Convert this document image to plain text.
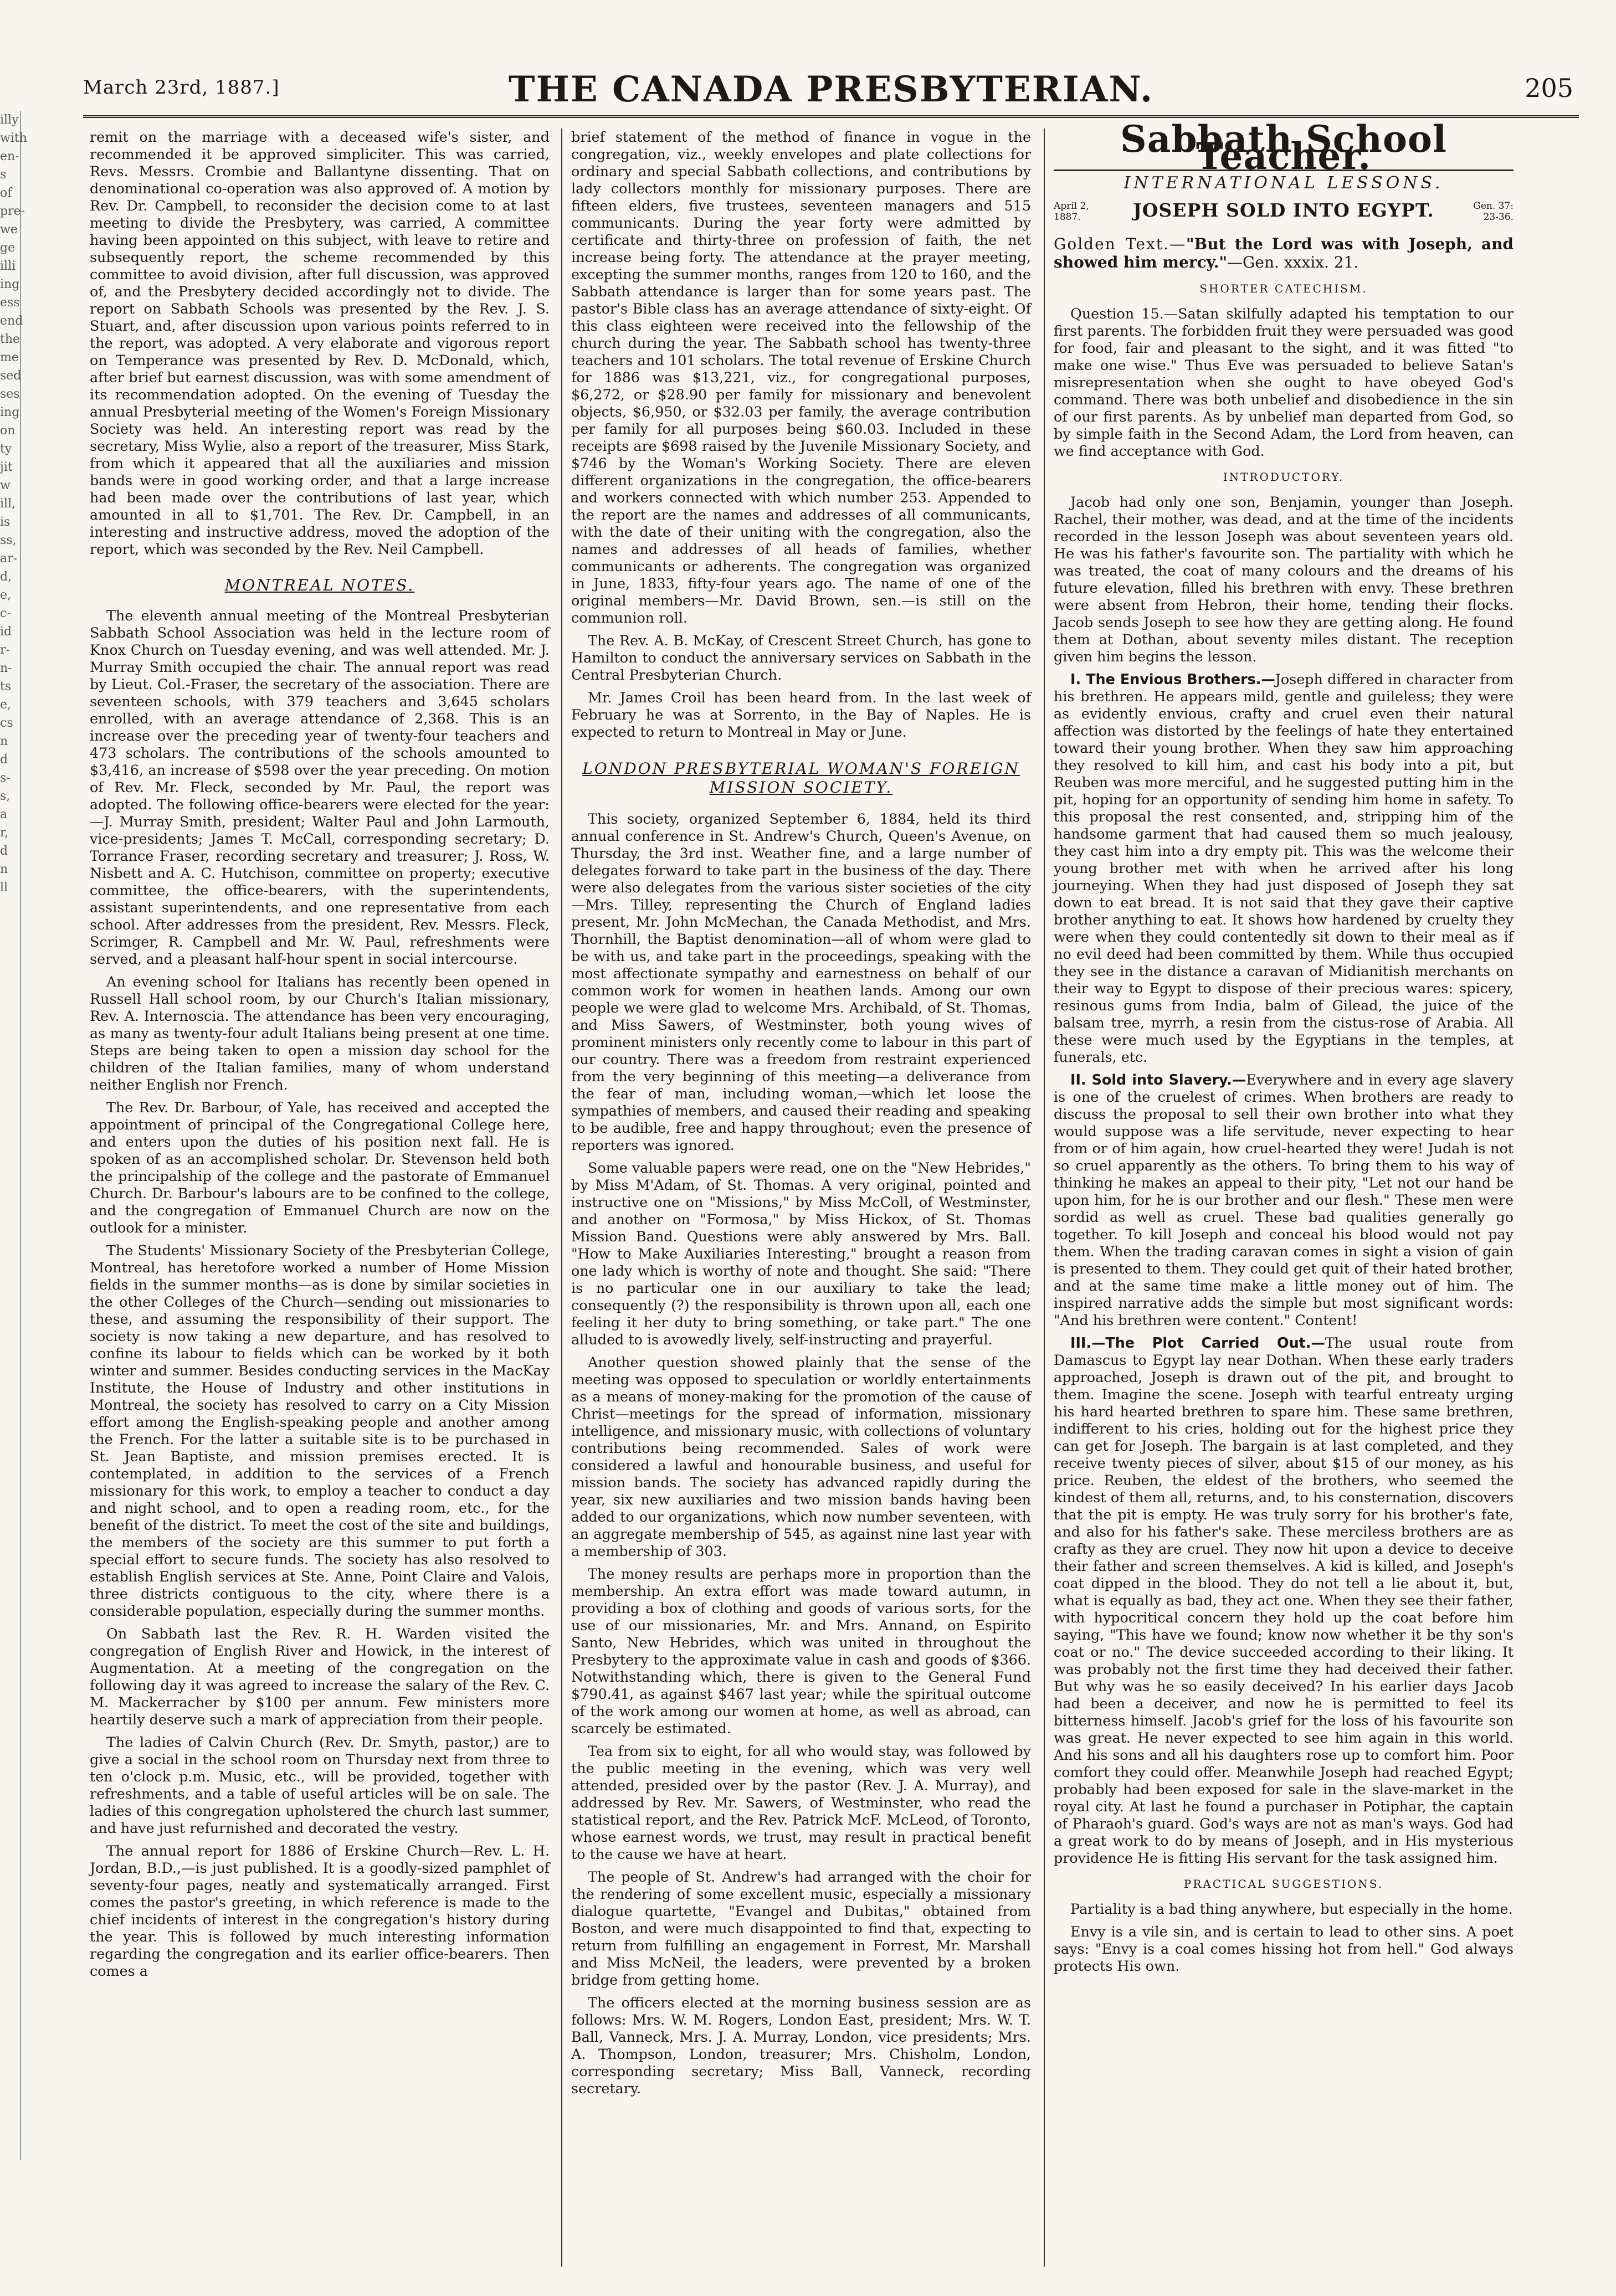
March 23rd, 1887.]	THE CANADA PRESBYTERIAN.	205
illy
with
en-
s of
pre-
we
ge
illi
ing
ess
end
the
me
sed
ses
ing
on
ty
jit
w
ill,
is
ss,
ar-
d,
e,
c-
id
r-
n-
ts
e,
cs
n
d
s-
s,
a
r,
d
n
ll

remit on the marriage with a deceased wife's sister, and recommended it be approved simpliciter. This was carried, Revs. Messrs. Crombie and Ballantyne dissenting. That on denominational co-operation was also approved of. A motion by Rev. Dr. Campbell, to reconsider the decision come to at last meeting to divide the Presbytery, was carried, A committee having been appointed on this subject, with leave to retire and subsequently report, the scheme recommended by this committee to avoid division, after full discussion, was approved of, and the Presbytery decided accordingly not to divide. The report on Sabbath Schools was presented by the Rev. J. S. Stuart, and, after discussion upon various points referred to in the report, was adopted. A very elaborate and vigorous report on Temperance was presented by Rev. D. McDonald, which, after brief but earnest discussion, was with some amendment of its recommendation adopted. On the evening of Tuesday the annual Presbyterial meeting of the Women's Foreign Missionary Society was held. An interesting report was read by the secretary, Miss Wylie, also a report of the treasurer, Miss Stark, from which it appeared that all the auxiliaries and mission bands were in good working order, and that a large increase had been made over the contributions of last year, which amounted in all to $1,701. The Rev. Dr. Campbell, in an interesting and instructive address, moved the adoption of the report, which was seconded by the Rev. Neil Campbell.

MONTREAL NOTES.

The eleventh annual meeting of the Montreal Presbyterian Sabbath School Association was held in the lecture room of Knox Church on Tuesday evening, and was well attended. Mr. J. Murray Smith occupied the chair. The annual report was read by Lieut. Col.-Fraser, the secretary of the association. There are seventeen schools, with 379 teachers and 3,645 scholars enrolled, with an average attendance of 2,368. This is an increase over the preceding year of twenty-four teachers and 473 scholars. The contributions of the schools amounted to $3,416, an increase of $598 over the year preceding. On motion of Rev. Mr. Fleck, seconded by Mr. Paul, the report was adopted. The following office-bearers were elected for the year:—J. Murray Smith, president; Walter Paul and John Larmouth, vice-presidents; James T. McCall, corresponding secretary; D. Torrance Fraser, recording secretary and treasurer; J. Ross, W. Nisbett and A. C. Hutchison, committee on property; executive committee, the office-bearers, with the superintendents, assistant superintendents, and one representative from each school. After addresses from the president, Rev. Messrs. Fleck, Scrimger, R. Campbell and Mr. W. Paul, refreshments were served, and a pleasant half-hour spent in social intercourse.

An evening school for Italians has recently been opened in Russell Hall school room, by our Church's Italian missionary, Rev. A. Internoscia. The attendance has been very encouraging, as many as twenty-four adult Italians being present at one time. Steps are being taken to open a mission day school for the children of the Italian families, many of whom understand neither English nor French.

The Rev. Dr. Barbour, of Yale, has received and accepted the appointment of principal of the Congregational College here, and enters upon the duties of his position next fall. He is spoken of as an accomplished scholar. Dr. Stevenson held both the principalship of the college and the pastorate of Emmanuel Church. Dr. Barbour's labours are to be confined to the college, and the congregation of Emmanuel Church are now on the outlook for a minister.

The Students' Missionary Society of the Presbyterian College, Montreal, has heretofore worked a number of Home Mission fields in the summer months—as is done by similar societies in the other Colleges of the Church—sending out missionaries to these, and assuming the responsibility of their support. The society is now taking a new departure, and has resolved to confine its labour to fields which can be worked by it both winter and summer. Besides conducting services in the MacKay Institute, the House of Industry and other institutions in Montreal, the society has resolved to carry on a City Mission effort among the English-speaking people and another among the French. For the latter a suitable site is to be purchased in St. Jean Baptiste, and mission premises erected. It is contemplated, in addition to the services of a French missionary for this work, to employ a teacher to conduct a day and night school, and to open a reading room, etc., for the benefit of the district. To meet the cost of the site and buildings, the members of the society are this summer to put forth a special effort to secure funds. The society has also resolved to establish English services at Ste. Anne, Point Claire and Valois, three districts contiguous to the city, where there is a considerable population, especially during the summer months.

On Sabbath last the Rev. R. H. Warden visited the congregation of English River and Howick, in the interest of Augmentation. At a meeting of the congregation on the following day it was agreed to increase the salary of the Rev. C. M. Mackerracher by $100 per annum. Few ministers more heartily deserve such a mark of appreciation from their people.

The ladies of Calvin Church (Rev. Dr. Smyth, pastor,) are to give a social in the school room on Thursday next from three to ten o'clock p.m. Music, etc., will be provided, together with refreshments, and a table of useful articles will be on sale. The ladies of this congregation upholstered the church last summer, and have just refurnished and decorated the vestry.

The annual report for 1886 of Erskine Church—Rev. L. H. Jordan, B.D.,—is just published. It is a goodly-sized pamphlet of seventy-four pages, neatly and systematically arranged. First comes the pastor's greeting, in which reference is made to the chief incidents of interest in the congregation's history during the year. This is followed by much interesting information regarding the congregation and its earlier office-bearers. Then comes a

brief statement of the method of finance in vogue in the congregation, viz., weekly envelopes and plate collections for ordinary and special Sabbath collections, and contributions by lady collectors monthly for missionary purposes. There are fifteen elders, five trustees, seventeen managers and 515 communicants. During the year forty were admitted by certificate and thirty-three on profession of faith, the net increase being forty. The attendance at the prayer meeting, excepting the summer months, ranges from 120 to 160, and the Sabbath attendance is larger than for some years past. The pastor's Bible class has an average attendance of sixty-eight. Of this class eighteen were received into the fellowship of the church during the year. The Sabbath school has twenty-three teachers and 101 scholars. The total revenue of Erskine Church for 1886 was $13,221, viz., for congregational purposes, $6,272, or $28.90 per family for missionary and benevolent objects, $6,950, or $32.03 per family, the average contribution per family for all purposes being $60.03. Included in these receipts are $698 raised by the Juvenile Missionary Society, and $746 by the Woman's Working Society. There are eleven different organizations in the congregation, the office-bearers and workers connected with which number 253. Appended to the report are the names and addresses of all communicants, with the date of their uniting with the congregation, also the names and addresses of all heads of families, whether communicants or adherents. The congregation was organized in June, 1833, fifty-four years ago. The name of one of the original members—Mr. David Brown, sen.—is still on the communion roll.

The Rev. A. B. McKay, of Crescent Street Church, has gone to Hamilton to conduct the anniversary services on Sabbath in the Central Presbyterian Church.

Mr. James Croil has been heard from. In the last week of February he was at Sorrento, in the Bay of Naples. He is expected to return to Montreal in May or June.

LONDON PRESBYTERIAL WOMAN'S FOREIGN MISSION SOCIETY.

This society, organized September 6, 1884, held its third annual conference in St. Andrew's Church, Queen's Avenue, on Thursday, the 3rd inst. Weather fine, and a large number of delegates forward to take part in the business of the day. There were also delegates from the various sister societies of the city—Mrs. Tilley, representing the Church of England ladies present, Mr. John McMechan, the Canada Methodist, and Mrs. Thornhill, the Baptist denomination—all of whom were glad to be with us, and take part in the proceedings, speaking with the most affectionate sympathy and earnestness on behalf of our common work for women in heathen lands. Among our own people we were glad to welcome Mrs. Archibald, of St. Thomas, and Miss Sawers, of Westminster, both young wives of prominent ministers only recently come to labour in this part of our country. There was a freedom from restraint experienced from the very beginning of this meeting—a deliverance from the fear of man, including woman,—which let loose the sympathies of members, and caused their reading and speaking to be audible, free and happy throughout; even the presence of reporters was ignored.

Some valuable papers were read, one on the "New Hebrides," by Miss M'Adam, of St. Thomas. A very original, pointed and instructive one on "Missions," by Miss McColl, of Westminster, and another on "Formosa," by Miss Hickox, of St. Thomas Mission Band. Questions were ably answered by Mrs. Ball. "How to Make Auxiliaries Interesting," brought a reason from one lady which is worthy of note and thought. She said: "There is no particular one in our auxiliary to take the lead; consequently (?) the responsibility is thrown upon all, each one feeling it her duty to bring something, or take part." The one alluded to is avowedly lively, self-instructing and prayerful.

Another question showed plainly that the sense of the meeting was opposed to speculation or worldly entertainments as a means of money-making for the promotion of the cause of Christ—meetings for the spread of information, missionary intelligence, and missionary music, with collections of voluntary contributions being recommended. Sales of work were considered a lawful and honourable business, and useful for mission bands. The society has advanced rapidly during the year, six new auxiliaries and two mission bands having been added to our organizations, which now number seventeen, with an aggregate membership of 545, as against nine last year with a membership of 303.

The money results are perhaps more in proportion than the membership. An extra effort was made toward autumn, in providing a box of clothing and goods of various sorts, for the use of our missionaries, Mr. and Mrs. Annand, on Espirito Santo, New Hebrides, which was united in throughout the Presbytery to the approximate value in cash and goods of $366. Notwithstanding which, there is given to the General Fund $790.41, as against $467 last year; while the spiritual outcome of the work among our women at home, as well as abroad, can scarcely be estimated.

Tea from six to eight, for all who would stay, was followed by the public meeting in the evening, which was very well attended, presided over by the pastor (Rev. J. A. Murray), and addressed by Rev. Mr. Sawers, of Westminster, who read the statistical report, and the Rev. Patrick McF. McLeod, of Toronto, whose earnest words, we trust, may result in practical benefit to the cause we have at heart.

The people of St. Andrew's had arranged with the choir for the rendering of some excellent music, especially a missionary dialogue quartette, "Evangel and Dubitas," obtained from Boston, and were much disappointed to find that, expecting to return from fulfilling an engagement in Forrest, Mr. Marshall and Miss McNeil, the leaders, were prevented by a broken bridge from getting home.

The officers elected at the morning business session are as follows: Mrs. W. M. Rogers, London East, president; Mrs. W. T. Ball, Vanneck, Mrs. J. A. Murray, London, vice presidents; Mrs. A. Thompson, London, treasurer; Mrs. Chisholm, London, corresponding secretary; Miss Ball, Vanneck, recording secretary.

Sabbath School Teacher.
INTERNATIONAL LESSONS.
April 2,
1887.	JOSEPH SOLD INTO EGYPT.	Gen. 37:
23-36.
Golden Text.—"But the Lord was with Joseph, and showed him mercy."—Gen. xxxix. 21.
SHORTER CATECHISM.

Question 15.—Satan skilfully adapted his temptation to our first parents. The forbidden fruit they were persuaded was good for food, fair and pleasant to the sight, and it was fitted "to make one wise." Thus Eve was persuaded to believe Satan's misrepresentation when she ought to have obeyed God's command. There was both unbelief and disobedience in the sin of our first parents. As by unbelief man departed from God, so by simple faith in the Second Adam, the Lord from heaven, can we find acceptance with God.

INTRODUCTORY.

Jacob had only one son, Benjamin, younger than Joseph. Rachel, their mother, was dead, and at the time of the incidents recorded in the lesson Joseph was about seventeen years old. He was his father's favourite son. The partiality with which he was treated, the coat of many colours and the dreams of his future elevation, filled his brethren with envy. These brethren were absent from Hebron, their home, tending their flocks. Jacob sends Joseph to see how they are getting along. He found them at Dothan, about seventy miles distant. The reception given him begins the lesson.

I. The Envious Brothers.—Joseph differed in character from his brethren. He appears mild, gentle and guileless; they were as evidently envious, crafty and cruel even their natural affection was distorted by the feelings of hate they entertained toward their young brother. When they saw him approaching they resolved to kill him, and cast his body into a pit, but Reuben was more merciful, and he suggested putting him in the pit, hoping for an opportunity of sending him home in safety. To this proposal the rest consented, and, stripping him of the handsome garment that had caused them so much jealousy, they cast him into a dry empty pit. This was the welcome their young brother met with when he arrived after his long journeying. When they had just disposed of Joseph they sat down to eat bread. It is not said that they gave their captive brother anything to eat. It shows how hardened by cruelty they were when they could contentedly sit down to their meal as if no evil deed had been committed by them. While thus occupied they see in the distance a caravan of Midianitish merchants on their way to Egypt to dispose of their precious wares: spicery, resinous gums from India, balm of Gilead, the juice of the balsam tree, myrrh, a resin from the cistus-rose of Arabia. All these were much used by the Egyptians in the temples, at funerals, etc.

II. Sold into Slavery.—Everywhere and in every age slavery is one of the cruelest of crimes. When brothers are ready to discuss the proposal to sell their own brother into what they would suppose was a life servitude, never expecting to hear from or of him again, how cruel-hearted they were! Judah is not so cruel apparently as the others. To bring them to his way of thinking he makes an appeal to their pity, "Let not our hand be upon him, for he is our brother and our flesh." These men were sordid as well as cruel. These bad qualities generally go together. To kill Joseph and conceal his blood would not pay them. When the trading caravan comes in sight a vision of gain is presented to them. They could get quit of their hated brother, and at the same time make a little money out of him. The inspired narrative adds the simple but most significant words: "And his brethren were content." Content!

III.—The Plot Carried Out.—The usual route from Damascus to Egypt lay near Dothan. When these early traders approached, Joseph is drawn out of the pit, and brought to them. Imagine the scene. Joseph with tearful entreaty urging his hard hearted brethren to spare him. These same brethren, indifferent to his cries, holding out for the highest price they can get for Joseph. The bargain is at last completed, and they receive twenty pieces of silver, about $15 of our money, as his price. Reuben, the eldest of the brothers, who seemed the kindest of them all, returns, and, to his consternation, discovers that the pit is empty. He was truly sorry for his brother's fate, and also for his father's sake. These merciless brothers are as crafty as they are cruel. They now hit upon a device to deceive their father and screen themselves. A kid is killed, and Joseph's coat dipped in the blood. They do not tell a lie about it, but, what is equally as bad, they act one. When they see their father, with hypocritical concern they hold up the coat before him saying, "This have we found; know now whether it be thy son's coat or no." The device succeeded according to their liking. It was probably not the first time they had deceived their father. But why was he so easily deceived? In his earlier days Jacob had been a deceiver, and now he is permitted to feel its bitterness himself. Jacob's grief for the loss of his favourite son was great. He never expected to see him again in this world. And his sons and all his daughters rose up to comfort him. Poor comfort they could offer. Meanwhile Joseph had reached Egypt; probably had been exposed for sale in the slave-market in the royal city. At last he found a purchaser in Potiphar, the captain of Pharaoh's guard. God's ways are not as man's ways. God had a great work to do by means of Joseph, and in His mysterious providence He is fitting His servant for the task assigned him.

PRACTICAL SUGGESTIONS.

Partiality is a bad thing anywhere, but especially in the home.

Envy is a vile sin, and is certain to lead to other sins. A poet says: "Envy is a coal comes hissing hot from hell." God always protects His own.
